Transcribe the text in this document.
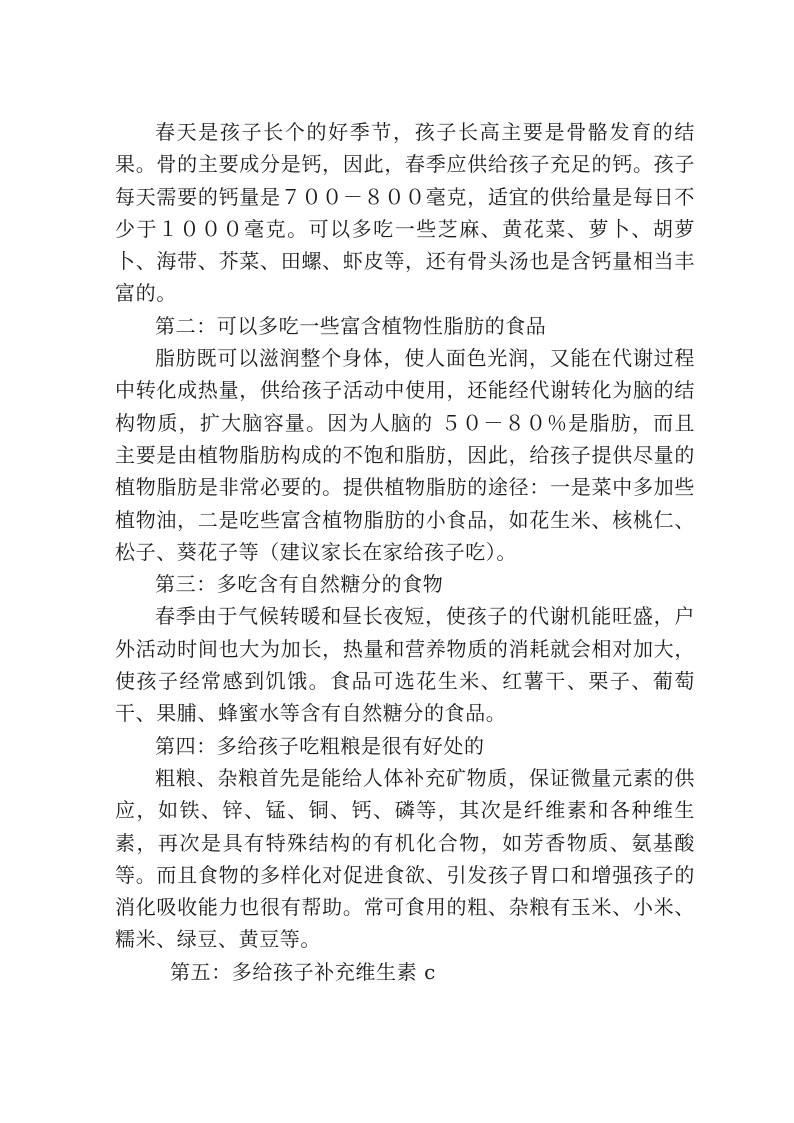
春天是孩子长个的好季节，孩子长高主要是骨骼发育的结果。骨的主要成分是钙，因此，春季应供给孩子充足的钙。孩子每天需要的钙量是７００－８００毫克，适宜的供给量是每日不少于１０００毫克。可以多吃一些芝麻、黄花菜、萝卜、胡萝卜、海带、芥菜、田螺、虾皮等，还有骨头汤也是含钙量相当丰富的。

第二：可以多吃一些富含植物性脂肪的食品

脂肪既可以滋润整个身体，使人面色光润，又能在代谢过程中转化成热量，供给孩子活动中使用，还能经代谢转化为脑的结构物质，扩大脑容量。因为人脑的 ５０－８０％是脂肪，而且主要是由植物脂肪构成的不饱和脂肪，因此，给孩子提供尽量的植物脂肪是非常必要的。提供植物脂肪的途径：一是菜中多加些植物油，二是吃些富含植物脂肪的小食品，如花生米、核桃仁、松子、葵花子等（建议家长在家给孩子吃）。

第三：多吃含有自然糖分的食物

春季由于气候转暖和昼长夜短，使孩子的代谢机能旺盛，户外活动时间也大为加长，热量和营养物质的消耗就会相对加大，使孩子经常感到饥饿。食品可选花生米、红薯干、栗子、葡萄干、果脯、蜂蜜水等含有自然糖分的食品。

第四：多给孩子吃粗粮是很有好处的

粗粮、杂粮首先是能给人体补充矿物质，保证微量元素的供应，如铁、锌、锰、铜、钙、磷等，其次是纤维素和各种维生素，再次是具有特殊结构的有机化合物，如芳香物质、氨基酸等。而且食物的多样化对促进食欲、引发孩子胃口和增强孩子的消化吸收能力也很有帮助。常可食用的粗、杂粮有玉米、小米、糯米、绿豆、黄豆等。

第五：多给孩子补充维生素 c
